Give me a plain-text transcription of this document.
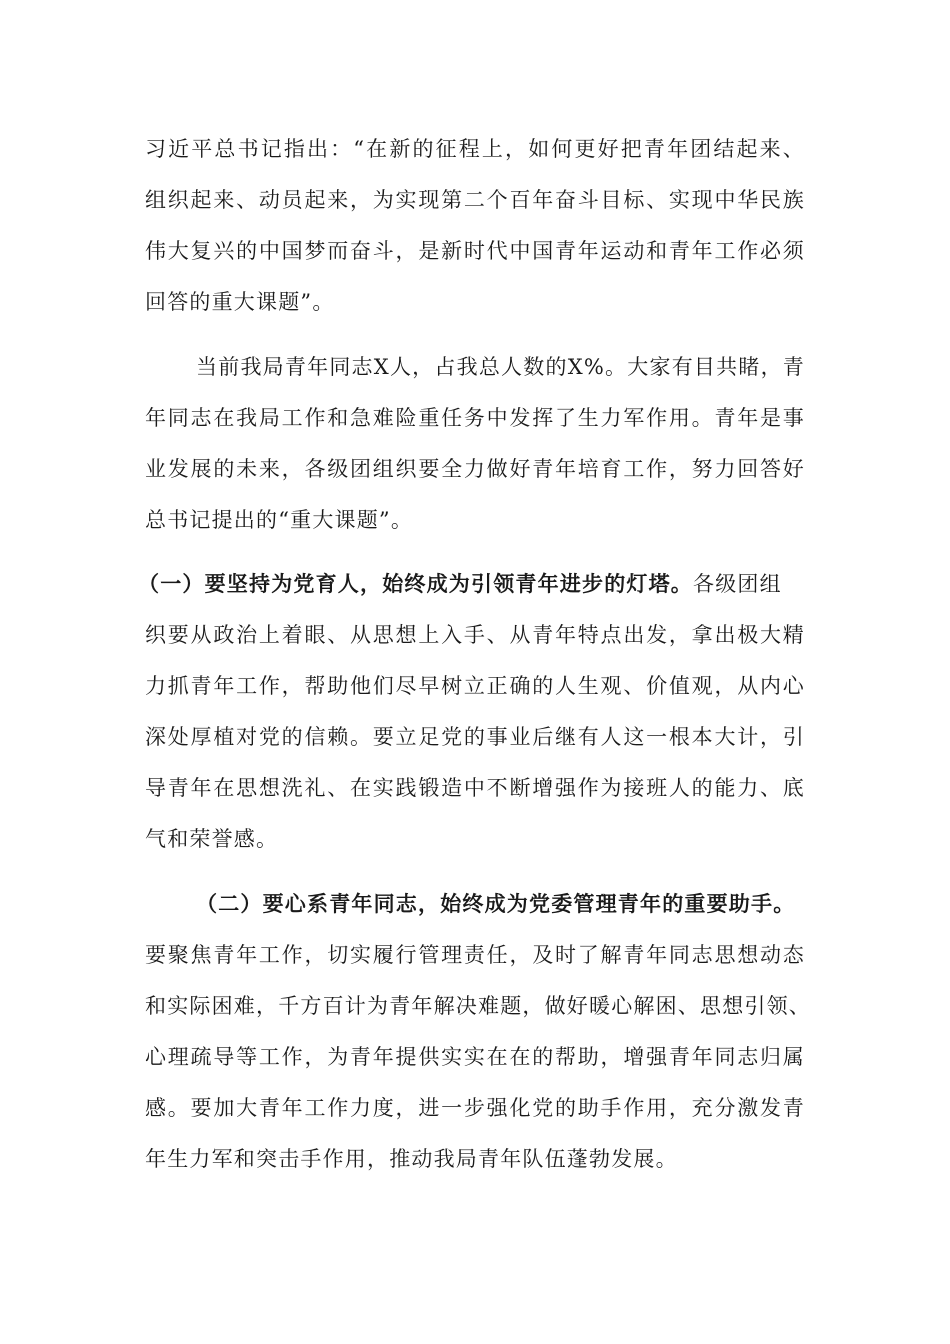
习近平总书记指出：“在新的征程上，如何更好把青年团结起来、
组织起来、动员起来，为实现第二个百年奋斗目标、实现中华民族
伟大复兴的中国梦而奋斗，是新时代中国青年运动和青年工作必须
回答的重大课题”。
当前我局青年同志X人，占我总人数的X%。大家有目共睹，青
年同志在我局工作和急难险重任务中发挥了生力军作用。青年是事
业发展的未来，各级团组织要全力做好青年培育工作，努力回答好
总书记提出的“重大课题”。
（一）要坚持为党育人，始终成为引领青年进步的灯塔。各级团组
织要从政治上着眼、从思想上入手、从青年特点出发，拿出极大精
力抓青年工作，帮助他们尽早树立正确的人生观、价值观，从内心
深处厚植对党的信赖。要立足党的事业后继有人这一根本大计，引
导青年在思想洗礼、在实践锻造中不断增强作为接班人的能力、底
气和荣誉感。
（二）要心系青年同志，始终成为党委管理青年的重要助手。
要聚焦青年工作，切实履行管理责任，及时了解青年同志思想动态
和实际困难，千方百计为青年解决难题，做好暖心解困、思想引领、
心理疏导等工作，为青年提供实实在在的帮助，增强青年同志归属
感。要加大青年工作力度，进一步强化党的助手作用，充分激发青
年生力军和突击手作用，推动我局青年队伍蓬勃发展。
